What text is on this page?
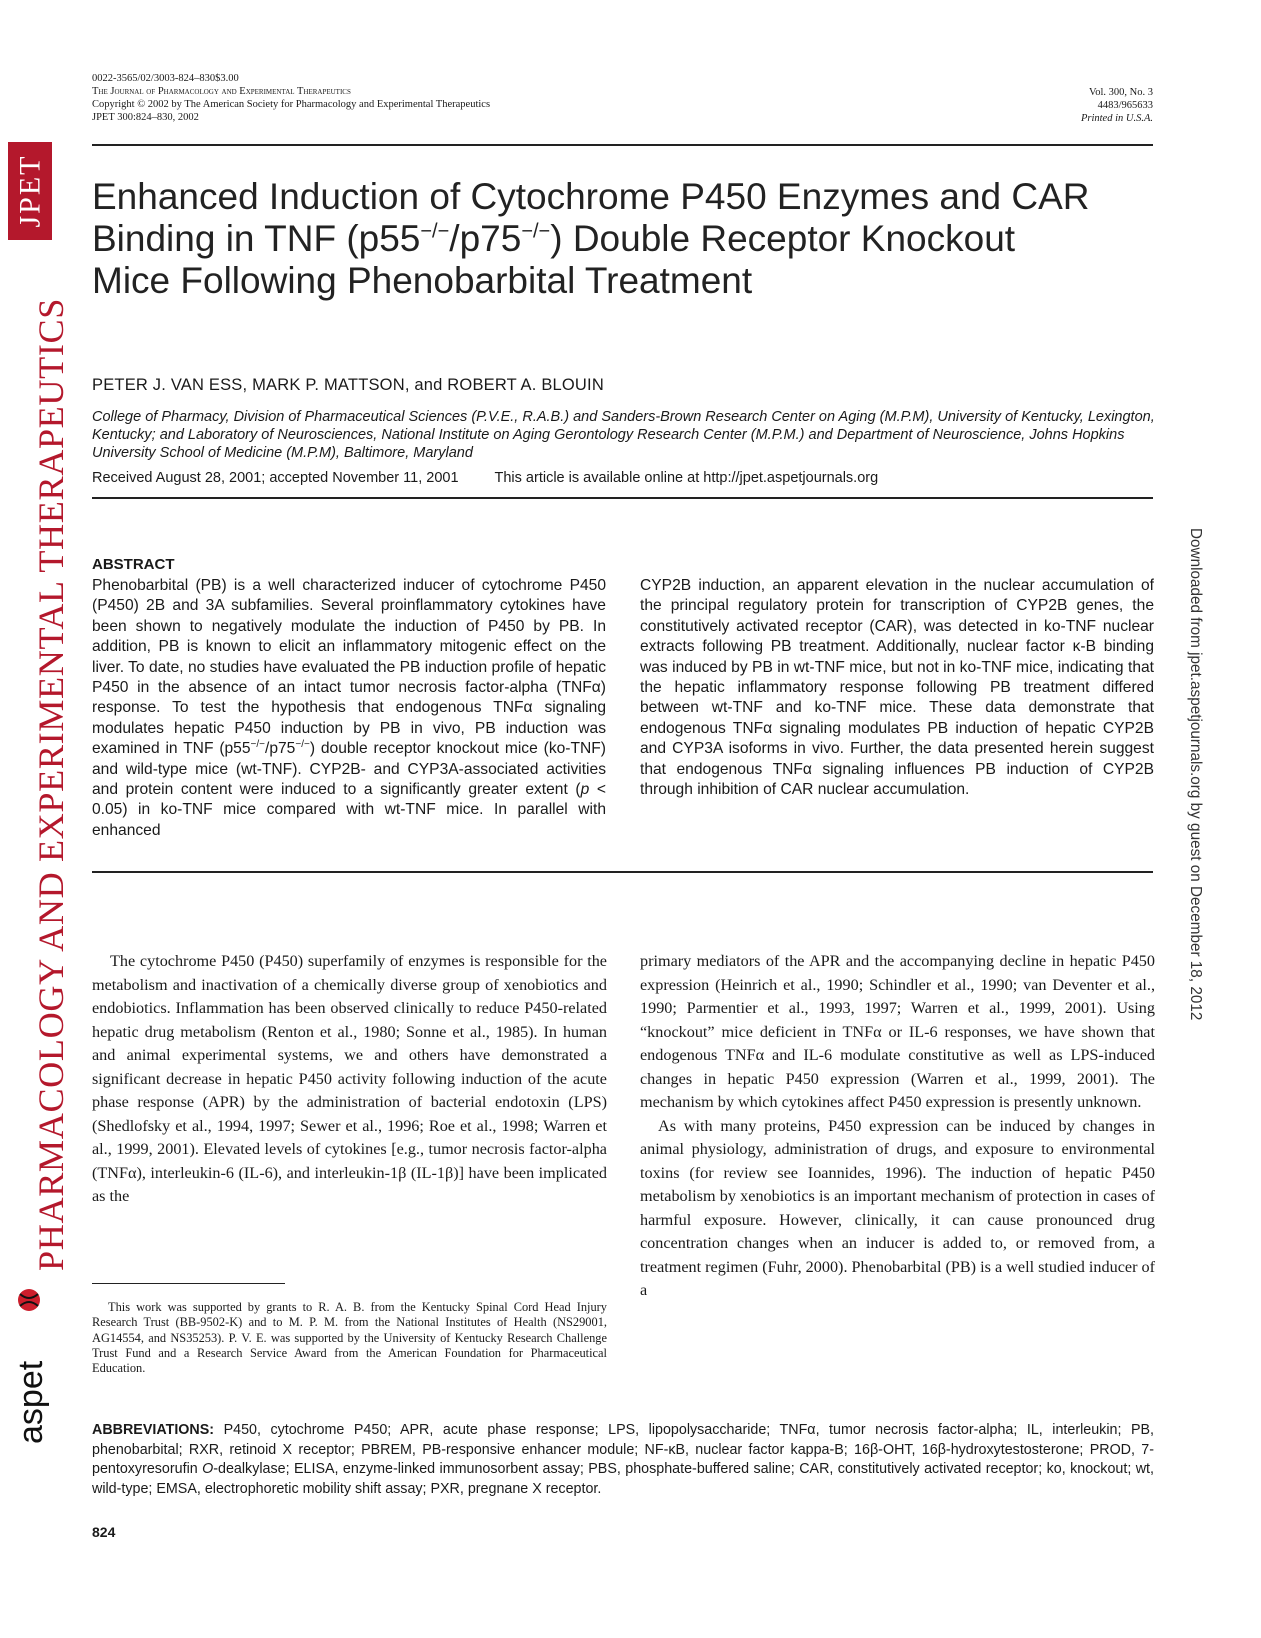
0022-3565/02/3003-824–830$3.00
The Journal of Pharmacology and Experimental Therapeutics
Copyright © 2002 by The American Society for Pharmacology and Experimental Therapeutics
JPET 300:824–830, 2002
Vol. 300, No. 3
4483/965633
Printed in U.S.A.
Enhanced Induction of Cytochrome P450 Enzymes and CAR
Binding in TNF (p55−/−/p75−/−) Double Receptor Knockout
Mice Following Phenobarbital Treatment
PETER J. VAN ESS, MARK P. MATTSON, and ROBERT A. BLOUIN
College of Pharmacy, Division of Pharmaceutical Sciences (P.V.E., R.A.B.) and Sanders-Brown Research Center on Aging (M.P.M), University of Kentucky, Lexington, Kentucky; and Laboratory of Neurosciences, National Institute on Aging Gerontology Research Center (M.P.M.) and Department of Neuroscience, Johns Hopkins University School of Medicine (M.P.M), Baltimore, Maryland
Received August 28, 2001; accepted November 11, 2001 This article is available online at http://jpet.aspetjournals.org
ABSTRACT
Phenobarbital (PB) is a well characterized inducer of cytochrome P450 (P450) 2B and 3A subfamilies. Several proinflammatory cytokines have been shown to negatively modulate the induction of P450 by PB. In addition, PB is known to elicit an inflammatory mitogenic effect on the liver. To date, no studies have evaluated the PB induction profile of hepatic P450 in the absence of an intact tumor necrosis factor-alpha (TNFα) response. To test the hypothesis that endogenous TNFα signaling modulates hepatic P450 induction by PB in vivo, PB induction was examined in TNF (p55−/−/p75−/−) double receptor knockout mice (ko-TNF) and wild-type mice (wt-TNF). CYP2B- and CYP3A-associated activities and protein content were induced to a significantly greater extent (p < 0.05) in ko-TNF mice compared with wt-TNF mice. In parallel with enhanced
CYP2B induction, an apparent elevation in the nuclear accumulation of the principal regulatory protein for transcription of CYP2B genes, the constitutively activated receptor (CAR), was detected in ko-TNF nuclear extracts following PB treatment. Additionally, nuclear factor κ-B binding was induced by PB in wt-TNF mice, but not in ko-TNF mice, indicating that the hepatic inflammatory response following PB treatment differed between wt-TNF and ko-TNF mice. These data demonstrate that endogenous TNFα signaling modulates PB induction of hepatic CYP2B and CYP3A isoforms in vivo. Further, the data presented herein suggest that endogenous TNFα signaling influences PB induction of CYP2B through inhibition of CAR nuclear accumulation.

The cytochrome P450 (P450) superfamily of enzymes is responsible for the metabolism and inactivation of a chemically diverse group of xenobiotics and endobiotics. Inflammation has been observed clinically to reduce P450-related hepatic drug metabolism (Renton et al., 1980; Sonne et al., 1985). In human and animal experimental systems, we and others have demonstrated a significant decrease in hepatic P450 activity following induction of the acute phase response (APR) by the administration of bacterial endotoxin (LPS) (Shedlofsky et al., 1994, 1997; Sewer et al., 1996; Roe et al., 1998; Warren et al., 1999, 2001). Elevated levels of cytokines [e.g., tumor necrosis factor-alpha (TNFα), interleukin-6 (IL-6), and interleukin-1β (IL-1β)] have been implicated as the

primary mediators of the APR and the accompanying decline in hepatic P450 expression (Heinrich et al., 1990; Schindler et al., 1990; van Deventer et al., 1990; Parmentier et al., 1993, 1997; Warren et al., 1999, 2001). Using “knockout” mice deficient in TNFα or IL-6 responses, we have shown that endogenous TNFα and IL-6 modulate constitutive as well as LPS-induced changes in hepatic P450 expression (Warren et al., 1999, 2001). The mechanism by which cytokines affect P450 expression is presently unknown.

As with many proteins, P450 expression can be induced by changes in animal physiology, administration of drugs, and exposure to environmental toxins (for review see Ioannides, 1996). The induction of hepatic P450 metabolism by xenobiotics is an important mechanism of protection in cases of harmful exposure. However, clinically, it can cause pronounced drug concentration changes when an inducer is added to, or removed from, a treatment regimen (Fuhr, 2000). Phenobarbital (PB) is a well studied inducer of a

This work was supported by grants to R. A. B. from the Kentucky Spinal Cord Head Injury Research Trust (BB-9502-K) and to M. P. M. from the National Institutes of Health (NS29001, AG14554, and NS35253). P. V. E. was supported by the University of Kentucky Research Challenge Trust Fund and a Research Service Award from the American Foundation for Pharmaceutical Education.
ABBREVIATIONS: P450, cytochrome P450; APR, acute phase response; LPS, lipopolysaccharide; TNFα, tumor necrosis factor-alpha; IL, interleukin; PB, phenobarbital; RXR, retinoid X receptor; PBREM, PB-responsive enhancer module; NF-κB, nuclear factor kappa-B; 16β-OHT, 16β-hydroxytestosterone; PROD, 7-pentoxyresorufin O-dealkylase; ELISA, enzyme-linked immunosorbent assay; PBS, phosphate-buffered saline; CAR, constitutively activated receptor; ko, knockout; wt, wild-type; EMSA, electrophoretic mobility shift assay; PXR, pregnane X receptor.
824
JPET
PHARMACOLOGY AND EXPERIMENTAL THERAPEUTICS
aspet
Downloaded from jpet.aspetjournals.org by guest on December 18, 2012
